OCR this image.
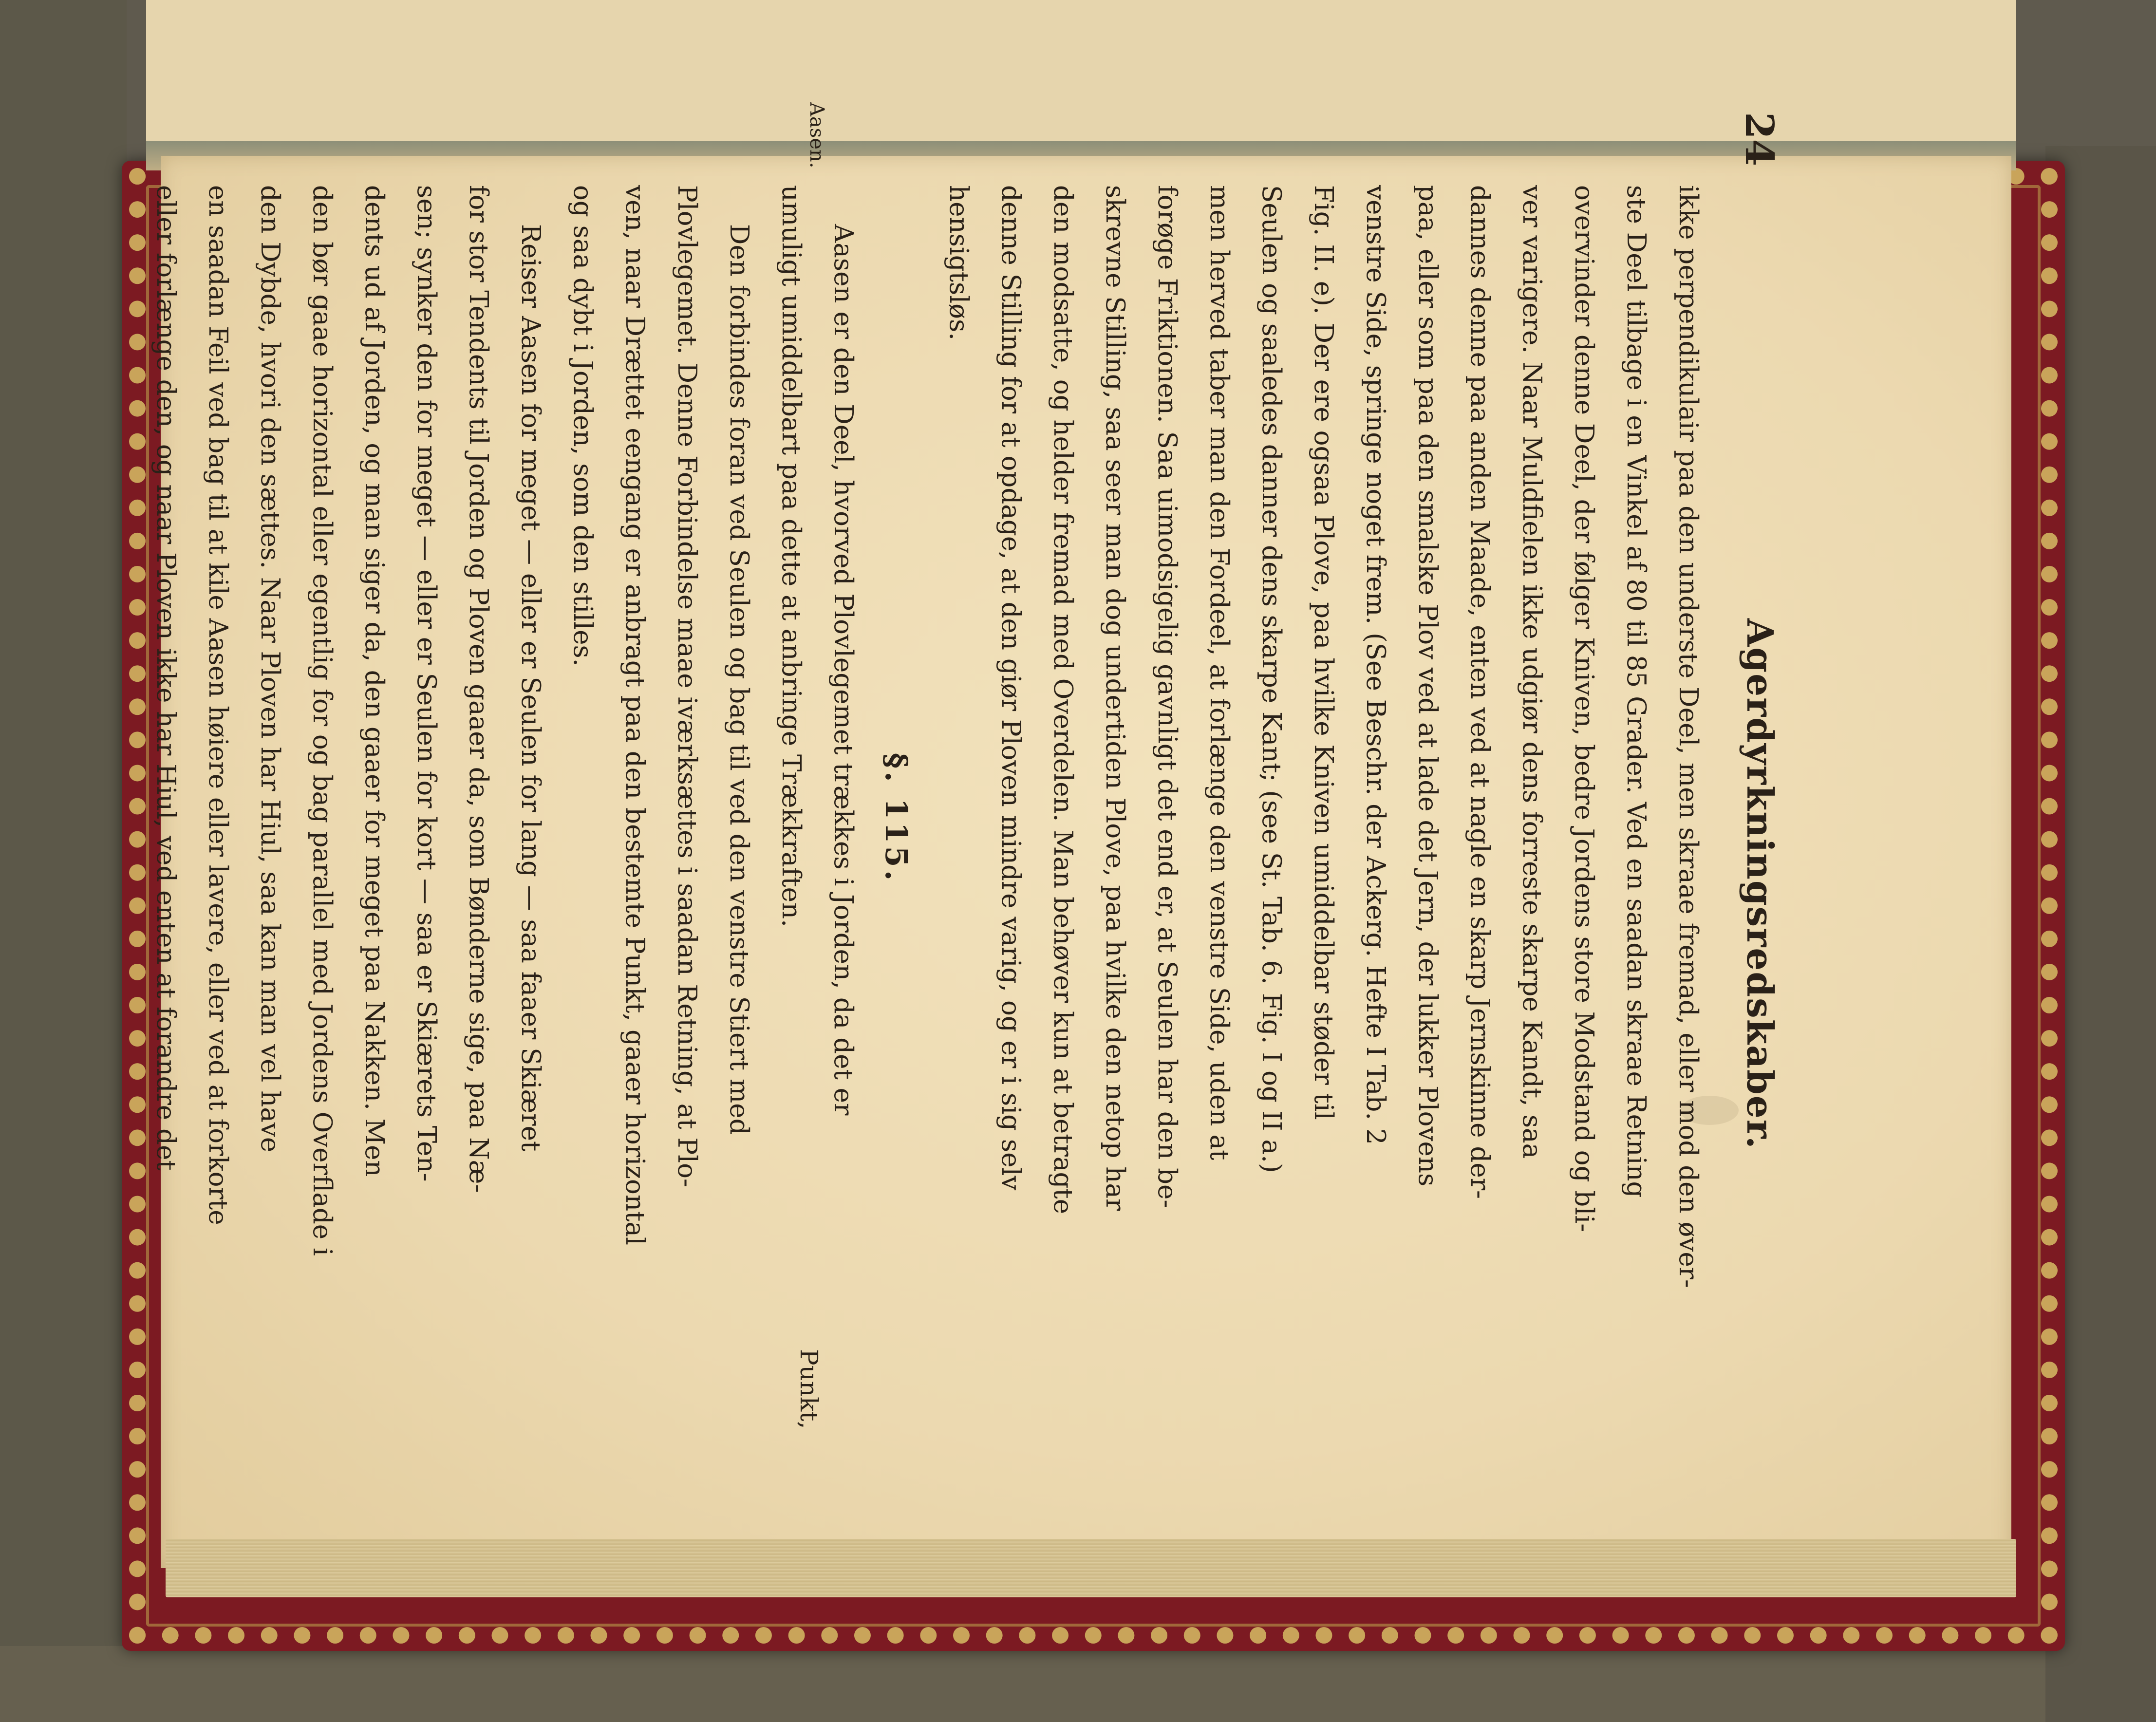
24
Agerdyrkningsredskaber.
ikke perpendikulair paa den underste Deel, men skraae fremad, eller mod den øver-
ste Deel tilbage i en Vinkel af 80 til 85 Grader. Ved en saadan skraae Retning
overvinder denne Deel, der følger Kniven, bedre Jordens store Modstand og bli-
ver varigere. Naar Muldfielen ikke udgiør dens forreste skarpe Kandt, saa
dannes denne paa anden Maade, enten ved at nagle en skarp Jernskinne der-
paa, eller som paa den smalske Plov ved at lade det Jern, der lukker Plovens
venstre Side, springe noget frem. (See Beschr. der Ackerg. Hefte I Tab. 2
Fig. II. e). Der ere ogsaa Plove, paa hvilke Kniven umiddelbar støder til
Seulen og saaledes danner dens skarpe Kant; (see St. Tab. 6. Fig. I og II a.)
men herved taber man den Fordeel, at forlænge den venstre Side, uden at
forøge Friktionen. Saa uimodsigelig gavnligt det end er, at Seulen har den be-
skrevne Stilling, saa seer man dog undertiden Plove, paa hvilke den netop har
den modsatte, og helder fremad med Overdelen. Man behøver kun at betragte
denne Stilling for at opdage, at den giør Ploven mindre varig, og er i sig selv
hensigtsløs.
§. 115.
Aasen er den Deel, hvorved Plovlegemet trækkes i Jorden, da det er
umuligt umiddelbart paa dette at anbringe Trækkraften.
Den forbindes foran ved Seulen og bag til ved den venstre Stiert med
Plovlegemet. Denne Forbindelse maae iværksættes i saadan Retning, at Plo-
ven, naar Drættet eengang er anbragt paa den bestemte Punkt, gaaer horizontal
og saa dybt i Jorden, som den stilles.
Reiser Aasen for meget — eller er Seulen for lang — saa faaer Skiæret
for stor Tendents til Jorden og Ploven gaaer da, som Bønderne sige, paa Næ-
sen; synker den for meget — eller er Seulen for kort — saa er Skiærets Ten-
dents ud af Jorden, og man siger da, den gaaer for meget paa Nakken. Men
den bør gaae horizontal eller egentlig for og bag parallel med Jordens Overflade i
den Dybde, hvori den sættes. Naar Ploven har Hiul, saa kan man vel have
en saadan Feil ved bag til at kile Aasen høiere eller lavere, eller ved at forkorte
eller forlænge den, og naar Ploven ikke har Hiul, ved enten at forandre det
Aasen.
Punkt,
